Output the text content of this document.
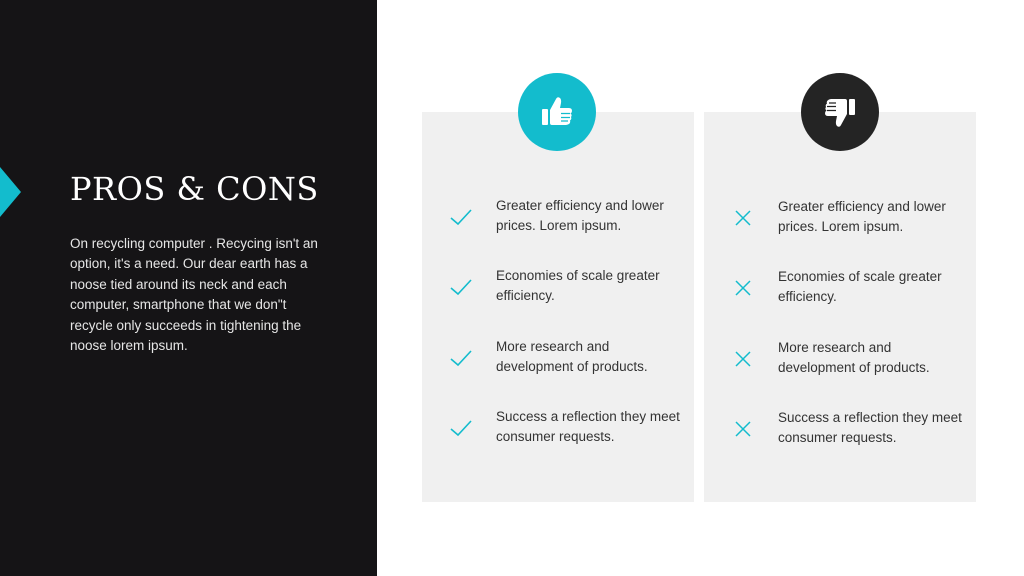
PROS & CONS

On recycling computer . Recycing isn't an option, it's a need. Our dear earth has a noose tied around its neck and each computer, smartphone that we don"t recycle only succeeds in tightening the noose lorem ipsum.

Greater efficiency and lower prices. Lorem ipsum.

Economies of scale greater efficiency.

More research and development of products.

Success a reflection they meet consumer requests.

Greater efficiency and lower prices. Lorem ipsum.

Economies of scale greater efficiency.

More research and development of products.

Success a reflection they meet consumer requests.
